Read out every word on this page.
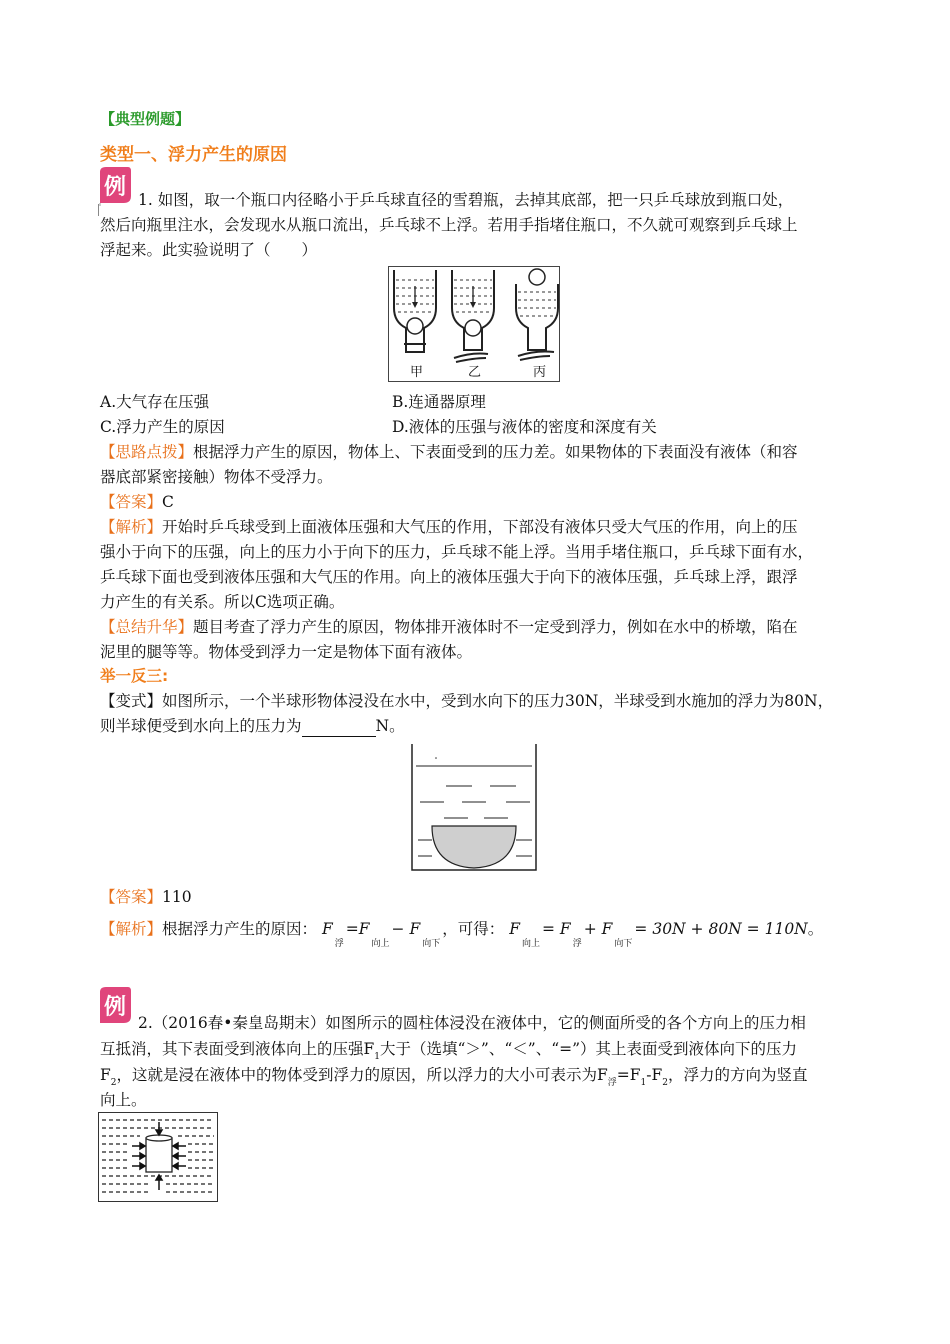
【典型例题】
类型一、浮力产生的原因
例 1. 如图，取一个瓶口内径略小于乒乓球直径的雪碧瓶，去掉其底部，把一只乒乓球放到瓶口处，
然后向瓶里注水，会发现水从瓶口流出，乒乓球不上浮。若用手指堵住瓶口，不久就可观察到乒乓球上
浮起来。此实验说明了（　　）
甲	乙	丙
A.大气存在压强	B.连通器原理
C.浮力产生的原因	D.液体的压强与液体的密度和深度有关
【思路点拨】根据浮力产生的原因，物体上、下表面受到的压力差。如果物体的下表面没有液体（和容
器底部紧密接触）物体不受浮力。
【答案】C
【解析】开始时乒乓球受到上面液体压强和大气压的作用，下部没有液体只受大气压的作用，向上的压
强小于向下的压强，向上的压力小于向下的压力，乒乓球不能上浮。当用手堵住瓶口，乒乓球下面有水，
乒乓球下面也受到液体压强和大气压的作用。向上的液体压强大于向下的液体压强，乒乓球上浮，跟浮
力产生的有关系。所以C选项正确。
【总结升华】题目考查了浮力产生的原因，物体排开液体时不一定受到浮力，例如在水中的桥墩，陷在
泥里的腿等等。物体受到浮力一定是物体下面有液体。
举一反三:
【变式】如图所示，一个半球形物体浸没在水中，受到水向下的压力30N，半球受到水施加的浮力为80N，
则半球便受到水向上的压力为	N。
【答案】110
【解析】根据浮力产生的原因： F浮=F向上− F向下，可得： F向上= F浮+ F向下= 30N + 80N = 110N。
例
2.（2016春•秦皇岛期末）如图所示的圆柱体浸没在液体中，它的侧面所受的各个方向上的压力相
互抵消，其下表面受到液体向上的压强$F_1$大于（选填“＞”、“＜”、“=”）其上表面受到液体向下的压力
$F_2$，这就是浸在液体中的物体受到浮力的原因，所以浮力的大小可表示为$F_浮=F_1-F_2$，浮力的方向为竖直
向上。
